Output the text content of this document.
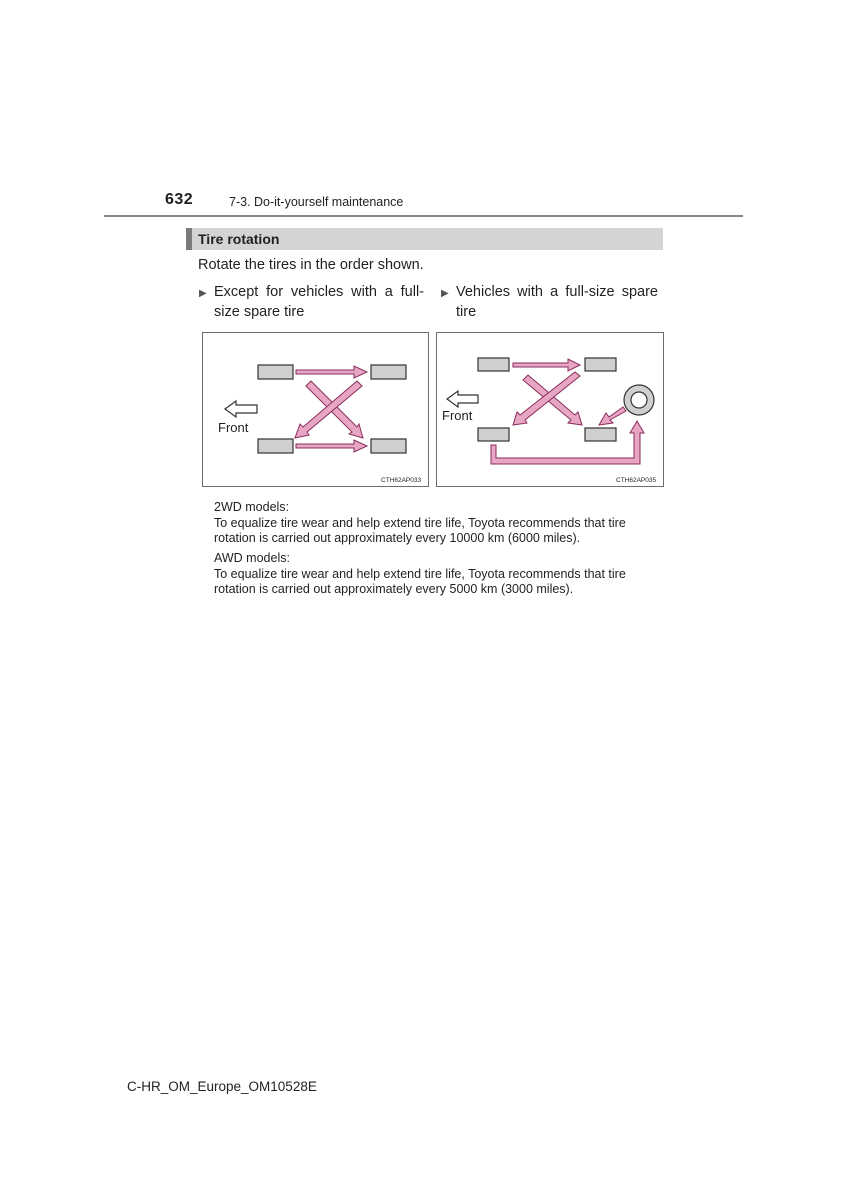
632	7-3. Do-it-yourself maintenance
Tire rotation
Rotate the tires in the order shown.
▶ Except for vehicles with a full-size spare tire
▶ Vehicles with a full-size spare tire
Front
CTH62AP033
Front
CTH62AP035
2WD models:
To equalize tire wear and help extend tire life, Toyota recommends that tire
rotation is carried out approximately every 10000 km (6000 miles).
AWD models:
To equalize tire wear and help extend tire life, Toyota recommends that tire
rotation is carried out approximately every 5000 km (3000 miles).
C-HR_OM_Europe_OM10528E
